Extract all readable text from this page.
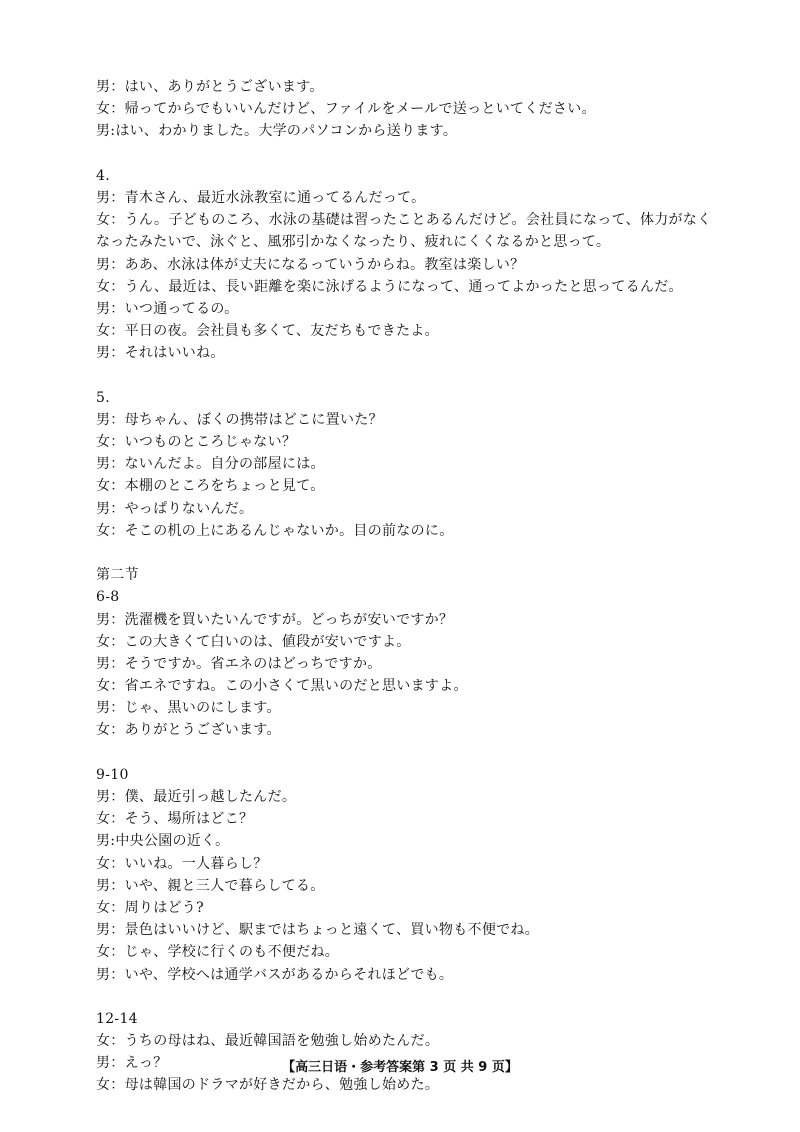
男：はい、ありがとうございます。
女：帰ってからでもいいんだけど、ファイルをメールで送っといてください。
男:はい、わかりました。大学のパソコンから送ります。
4.
男：青木さん、最近水泳教室に通ってるんだって。
女：うん。子どものころ、水泳の基礎は習ったことあるんだけど。会社員になって、体力がなく
なったみたいで、泳ぐと、風邪引かなくなったり、疲れにくくなるかと思って。
男：ああ、水泳は体が丈夫になるっていうからね。教室は楽しい？
女：うん、最近は、長い距離を楽に泳げるようになって、通ってよかったと思ってるんだ。
男：いつ通ってるの。
女：平日の夜。会社員も多くて、友だちもできたよ。
男：それはいいね。
5.
男：母ちゃん、ぼくの携帯はどこに置いた？
女：いつものところじゃない？
男：ないんだよ。自分の部屋には。
女：本棚のところをちょっと見て。
男：やっぱりないんだ。
女：そこの机の上にあるんじゃないか。目の前なのに。
第二节
6-8
男：洗濯機を買いたいんですが。どっちが安いですか？
女：この大きくて白いのは、値段が安いですよ。
男：そうですか。省エネのはどっちですか。
女：省エネですね。この小さくて黒いのだと思いますよ。
男：じゃ、黒いのにします。
女：ありがとうございます。
9-10
男：僕、最近引っ越したんだ。
女：そう、場所はどこ？
男:中央公園の近く。
女：いいね。一人暮らし？
男：いや、親と三人で暮らしてる。
女：周りはどう?
男：景色はいいけど、駅まではちょっと遠くて、買い物も不便でね。
女：じゃ、学校に行くのも不便だね。
男：いや、学校へは通学バスがあるからそれほどでも。
12-14
女：うちの母はね、最近韓国語を勉強し始めたんだ。
男：えっ？
女：母は韓国のドラマが好きだから、勉強し始めた。
【高三日语・参考答案第 3 页 共 9 页】
